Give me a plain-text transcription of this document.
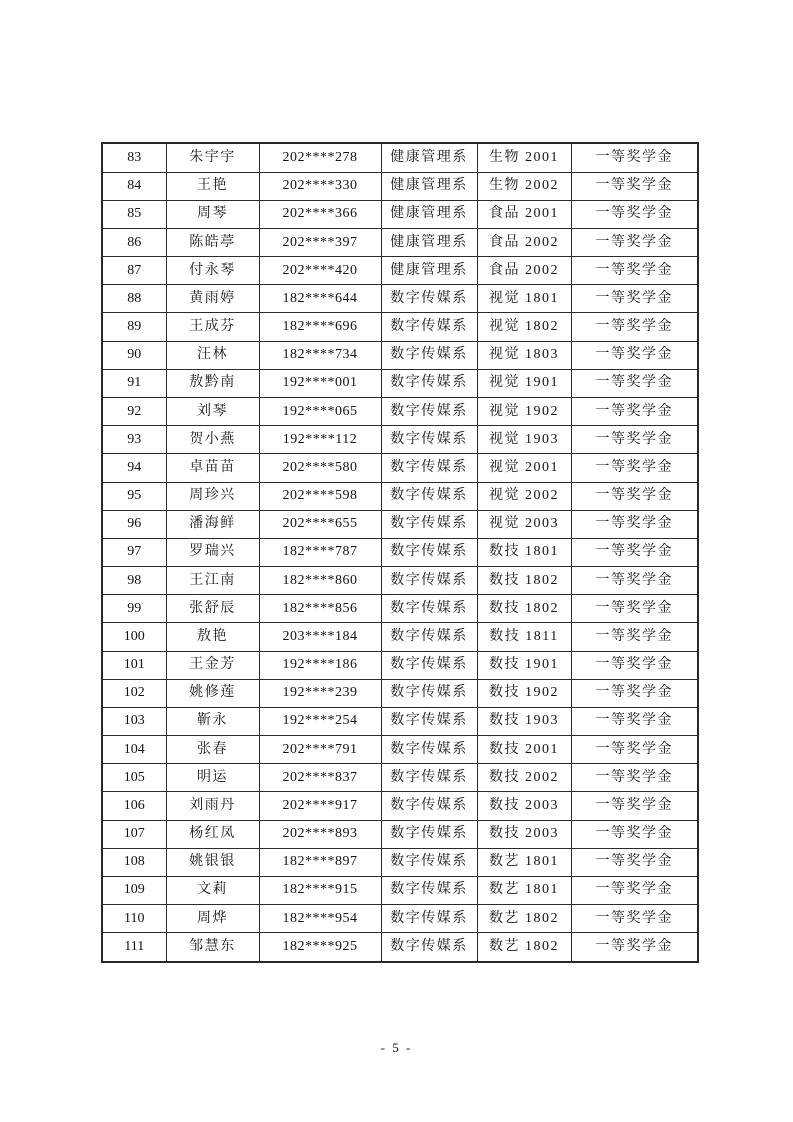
83	朱宇宇	202****278	健康管理系	生物 2001	一等奖学金
84	王艳	202****330	健康管理系	生物 2002	一等奖学金
85	周琴	202****366	健康管理系	食品 2001	一等奖学金
86	陈皓葶	202****397	健康管理系	食品 2002	一等奖学金
87	付永琴	202****420	健康管理系	食品 2002	一等奖学金
88	黄雨婷	182****644	数字传媒系	视觉 1801	一等奖学金
89	王成芬	182****696	数字传媒系	视觉 1802	一等奖学金
90	汪林	182****734	数字传媒系	视觉 1803	一等奖学金
91	敖黔南	192****001	数字传媒系	视觉 1901	一等奖学金
92	刘琴	192****065	数字传媒系	视觉 1902	一等奖学金
93	贺小燕	192****112	数字传媒系	视觉 1903	一等奖学金
94	卓苗苗	202****580	数字传媒系	视觉 2001	一等奖学金
95	周珍兴	202****598	数字传媒系	视觉 2002	一等奖学金
96	潘海鲜	202****655	数字传媒系	视觉 2003	一等奖学金
97	罗瑞兴	182****787	数字传媒系	数技 1801	一等奖学金
98	王江南	182****860	数字传媒系	数技 1802	一等奖学金
99	张舒辰	182****856	数字传媒系	数技 1802	一等奖学金
100	敖艳	203****184	数字传媒系	数技 1811	一等奖学金
101	王金芳	192****186	数字传媒系	数技 1901	一等奖学金
102	姚修莲	192****239	数字传媒系	数技 1902	一等奖学金
103	靳永	192****254	数字传媒系	数技 1903	一等奖学金
104	张春	202****791	数字传媒系	数技 2001	一等奖学金
105	明运	202****837	数字传媒系	数技 2002	一等奖学金
106	刘雨丹	202****917	数字传媒系	数技 2003	一等奖学金
107	杨红凤	202****893	数字传媒系	数技 2003	一等奖学金
108	姚银银	182****897	数字传媒系	数艺 1801	一等奖学金
109	文莉	182****915	数字传媒系	数艺 1801	一等奖学金
110	周烨	182****954	数字传媒系	数艺 1802	一等奖学金
111	邹慧东	182****925	数字传媒系	数艺 1802	一等奖学金
- 5 -
